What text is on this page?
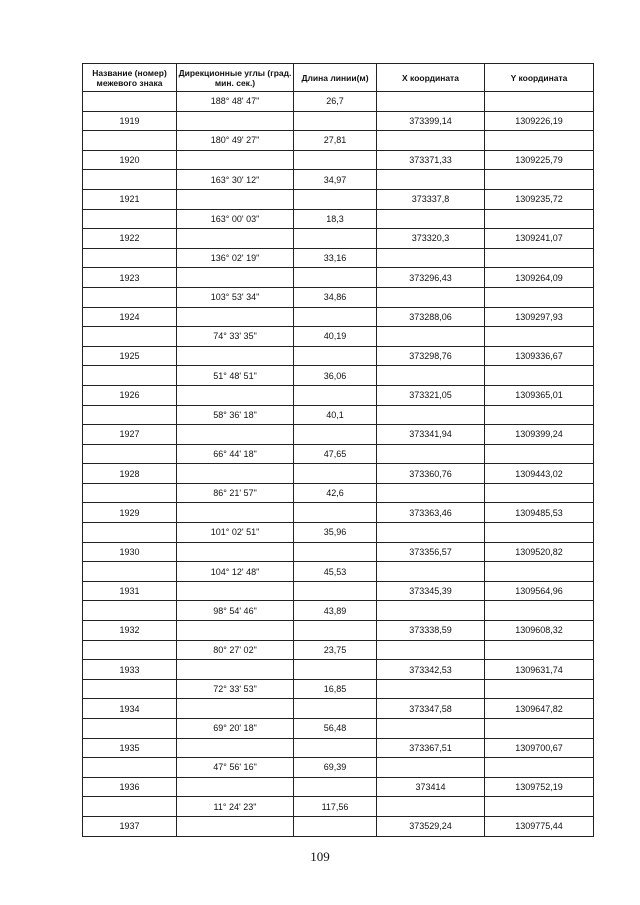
Название (номер) межевого знака	Дирекционные углы (град. мин. сек.)	Длина линии(м)	X координата	Y координата
	188° 48' 47"	26,7		
1919			373399,14	1309226,19
	180° 49' 27"	27,81		
1920			373371,33	1309225,79
	163° 30' 12"	34,97		
1921			373337,8	1309235,72
	163° 00' 03"	18,3		
1922			373320,3	1309241,07
	136° 02' 19"	33,16		
1923			373296,43	1309264,09
	103° 53' 34"	34,86		
1924			373288,06	1309297,93
	74° 33' 35"	40,19		
1925			373298,76	1309336,67
	51° 48' 51"	36,06		
1926			373321,05	1309365,01
	58° 36' 18"	40,1		
1927			373341,94	1309399,24
	66° 44' 18"	47,65		
1928			373360,76	1309443,02
	86° 21' 57"	42,6		
1929			373363,46	1309485,53
	101° 02' 51"	35,96		
1930			373356,57	1309520,82
	104° 12' 48"	45,53		
1931			373345,39	1309564,96
	98° 54' 46"	43,89		
1932			373338,59	1309608,32
	80° 27' 02"	23,75		
1933			373342,53	1309631,74
	72° 33' 53"	16,85		
1934			373347,58	1309647,82
	69° 20' 18"	56,48		
1935			373367,51	1309700,67
	47° 56' 16"	69,39		
1936			373414	1309752,19
	11° 24' 23"	117,56		
1937			373529,24	1309775,44
109
